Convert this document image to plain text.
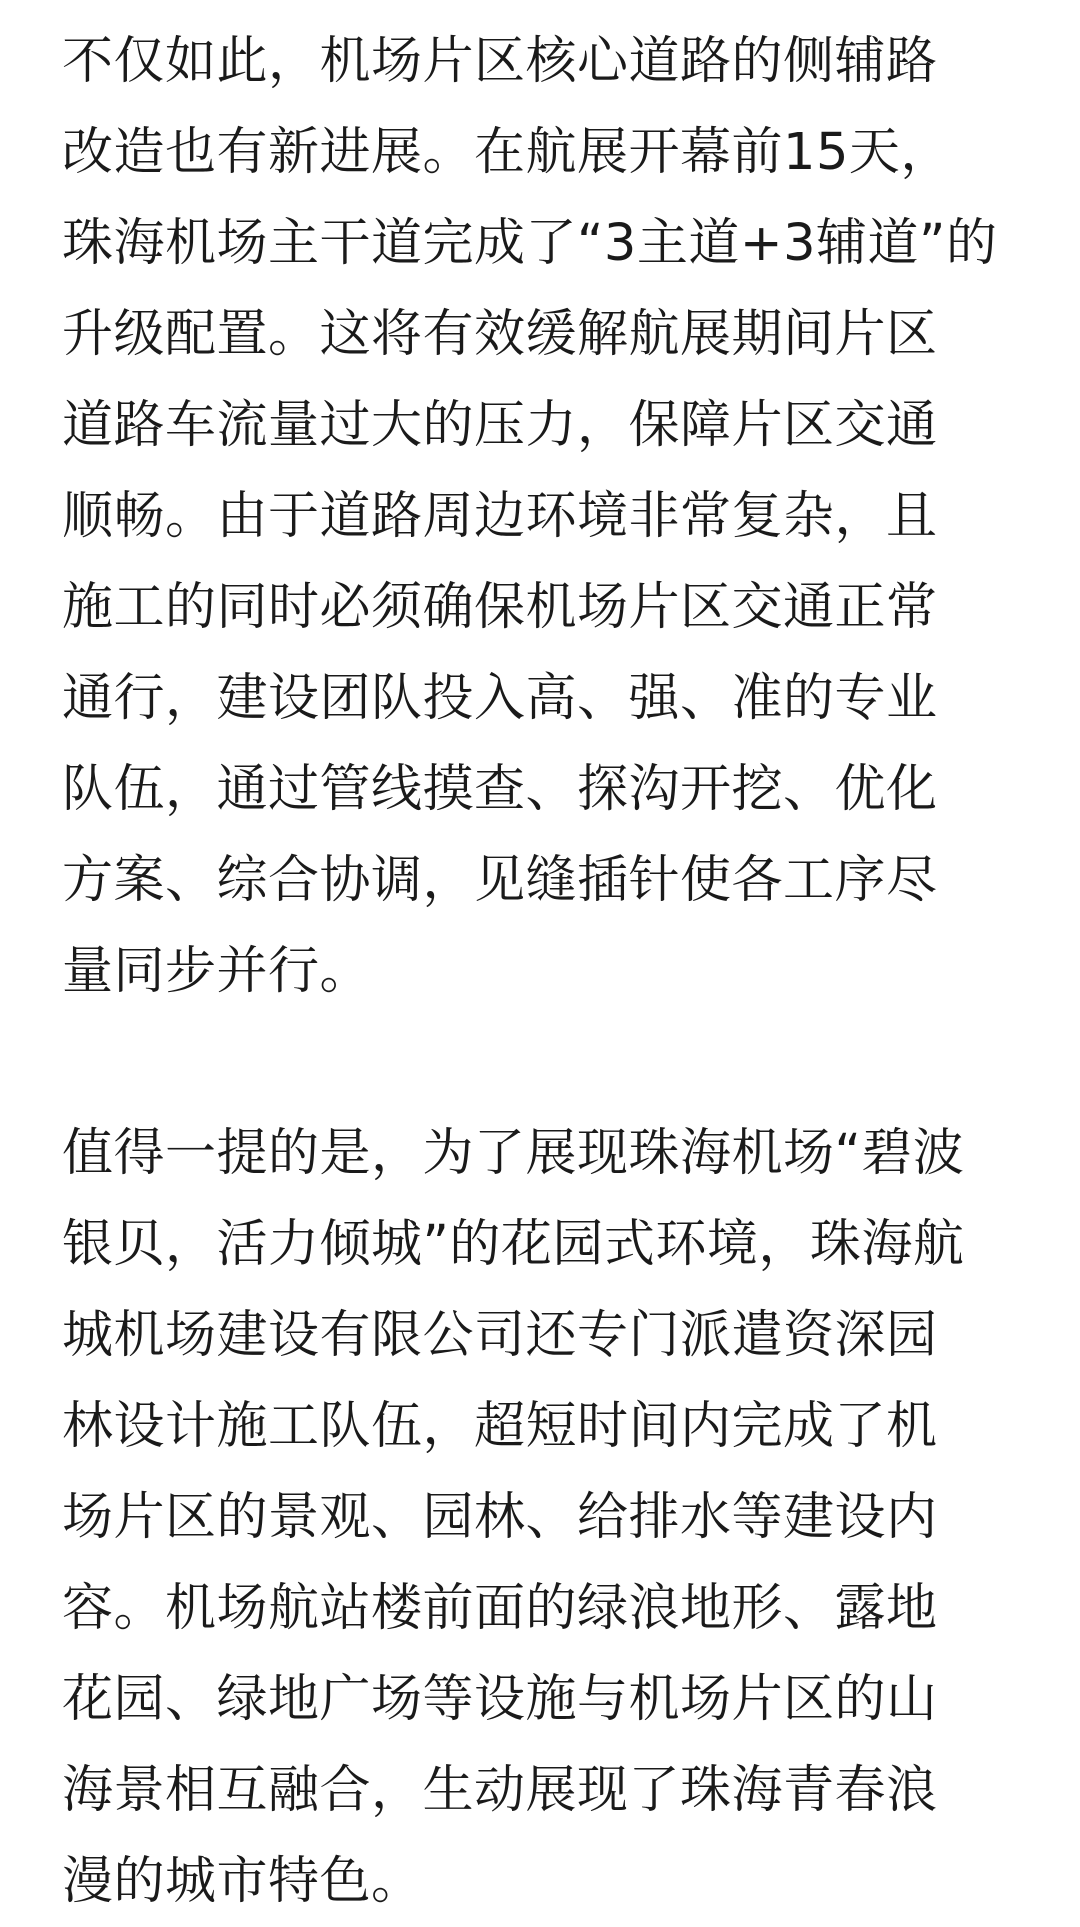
不仅如此，机场片区核心道路的侧辅路
改造也有新进展。在航展开幕前15天，
珠海机场主干道完成了“3主道+3辅道”的
升级配置。这将有效缓解航展期间片区
道路车流量过大的压力，保障片区交通
顺畅。由于道路周边环境非常复杂，且
施工的同时必须确保机场片区交通正常
通行，建设团队投入高、强、准的专业
队伍，通过管线摸查、探沟开挖、优化
方案、综合协调，见缝插针使各工序尽
量同步并行。
值得一提的是，为了展现珠海机场“碧波
银贝，活力倾城”的花园式环境，珠海航
城机场建设有限公司还专门派遣资深园
林设计施工队伍，超短时间内完成了机
场片区的景观、园林、给排水等建设内
容。机场航站楼前面的绿浪地形、露地
花园、绿地广场等设施与机场片区的山
海景相互融合，生动展现了珠海青春浪
漫的城市特色。
